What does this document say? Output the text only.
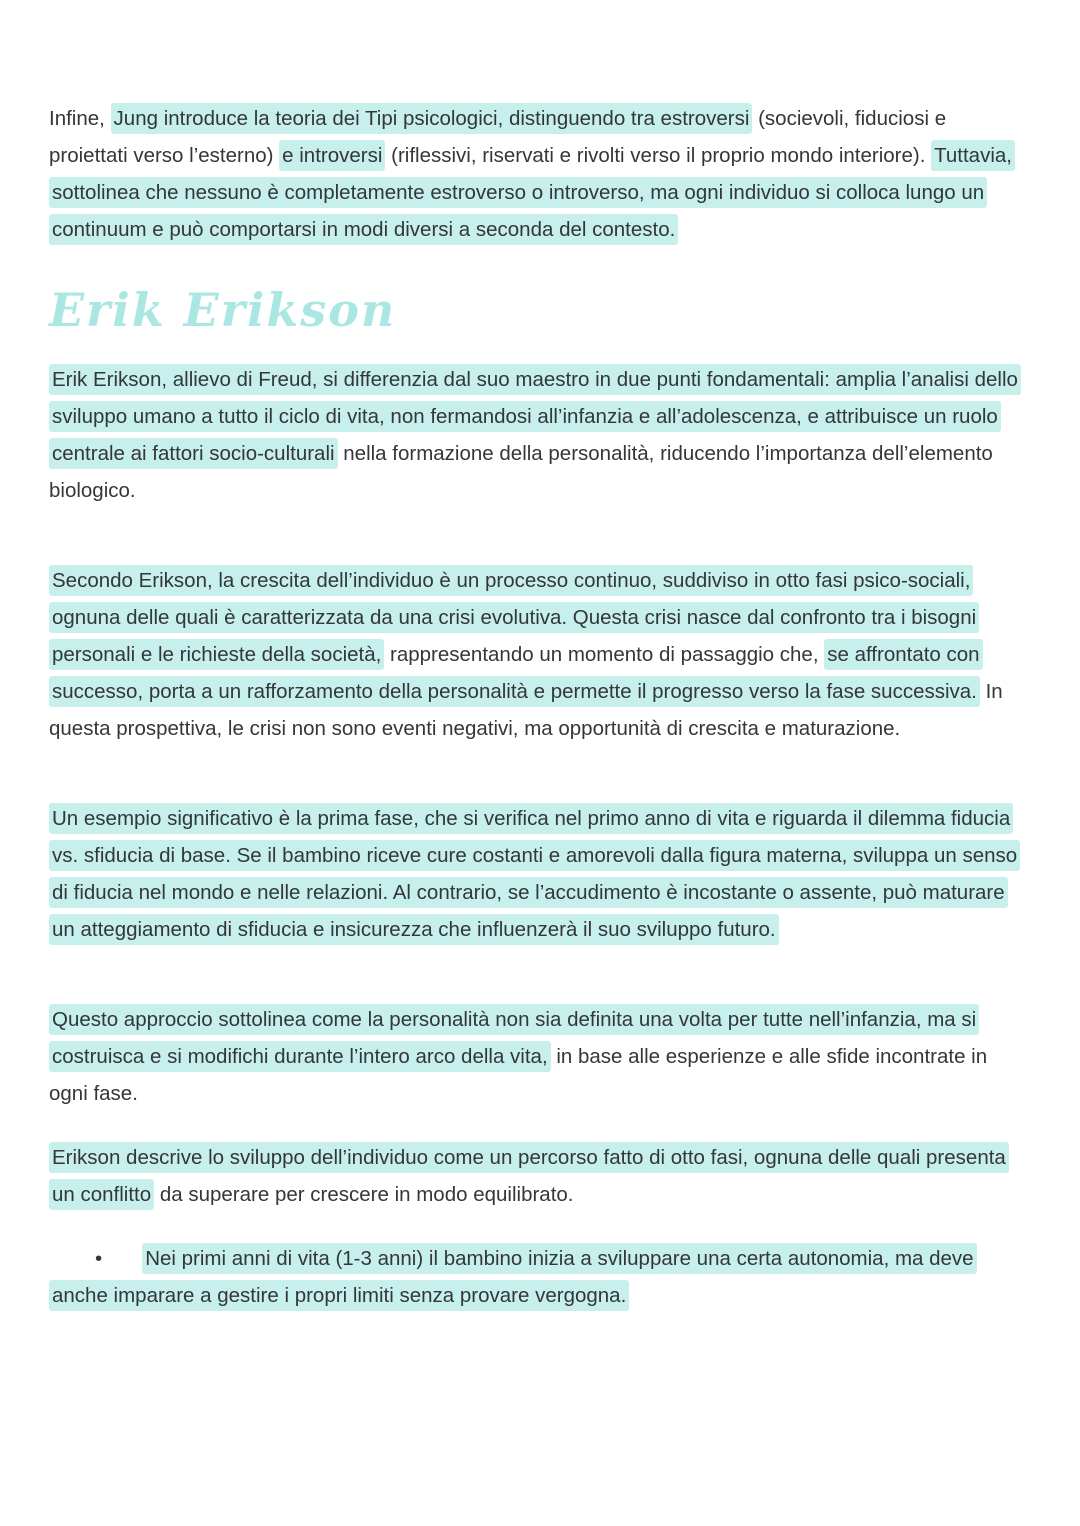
Infine, Jung introduce la teoria dei Tipi psicologici, distinguendo tra estroversi (socievoli, fiduciosi e proiettati verso l’esterno) e introversi (riflessivi, riservati e rivolti verso il proprio mondo interiore). Tuttavia, sottolinea che nessuno è completamente estroverso o introverso, ma ogni individuo si colloca lungo un continuum e può comportarsi in modi diversi a seconda del contesto.

Erik Erikson

Erik Erikson, allievo di Freud, si differenzia dal suo maestro in due punti fondamentali: amplia l’analisi dello sviluppo umano a tutto il ciclo di vita, non fermandosi all’infanzia e all’adolescenza, e attribuisce un ruolo centrale ai fattori socio-culturali nella formazione della personalità, riducendo l’importanza dell’elemento biologico.

Secondo Erikson, la crescita dell’individuo è un processo continuo, suddiviso in otto fasi psico-sociali, ognuna delle quali è caratterizzata da una crisi evolutiva. Questa crisi nasce dal confronto tra i bisogni personali e le richieste della società, rappresentando un momento di passaggio che, se affrontato con successo, porta a un rafforzamento della personalità e permette il progresso verso la fase successiva. In questa prospettiva, le crisi non sono eventi negativi, ma opportunità di crescita e maturazione.

Un esempio significativo è la prima fase, che si verifica nel primo anno di vita e riguarda il dilemma fiducia vs. sfiducia di base. Se il bambino riceve cure costanti e amorevoli dalla figura materna, sviluppa un senso di fiducia nel mondo e nelle relazioni. Al contrario, se l’accudimento è incostante o assente, può maturare un atteggiamento di sfiducia e insicurezza che influenzerà il suo sviluppo futuro.

Questo approccio sottolinea come la personalità non sia definita una volta per tutte nell’infanzia, ma si costruisca e si modifichi durante l’intero arco della vita, in base alle esperienze e alle sfide incontrate in ogni fase.

Erikson descrive lo sviluppo dell’individuo come un percorso fatto di otto fasi, ognuna delle quali presenta un conflitto da superare per crescere in modo equilibrato.

• Nei primi anni di vita (1-3 anni) il bambino inizia a sviluppare una certa autonomia, ma deve anche imparare a gestire i propri limiti senza provare vergogna.
